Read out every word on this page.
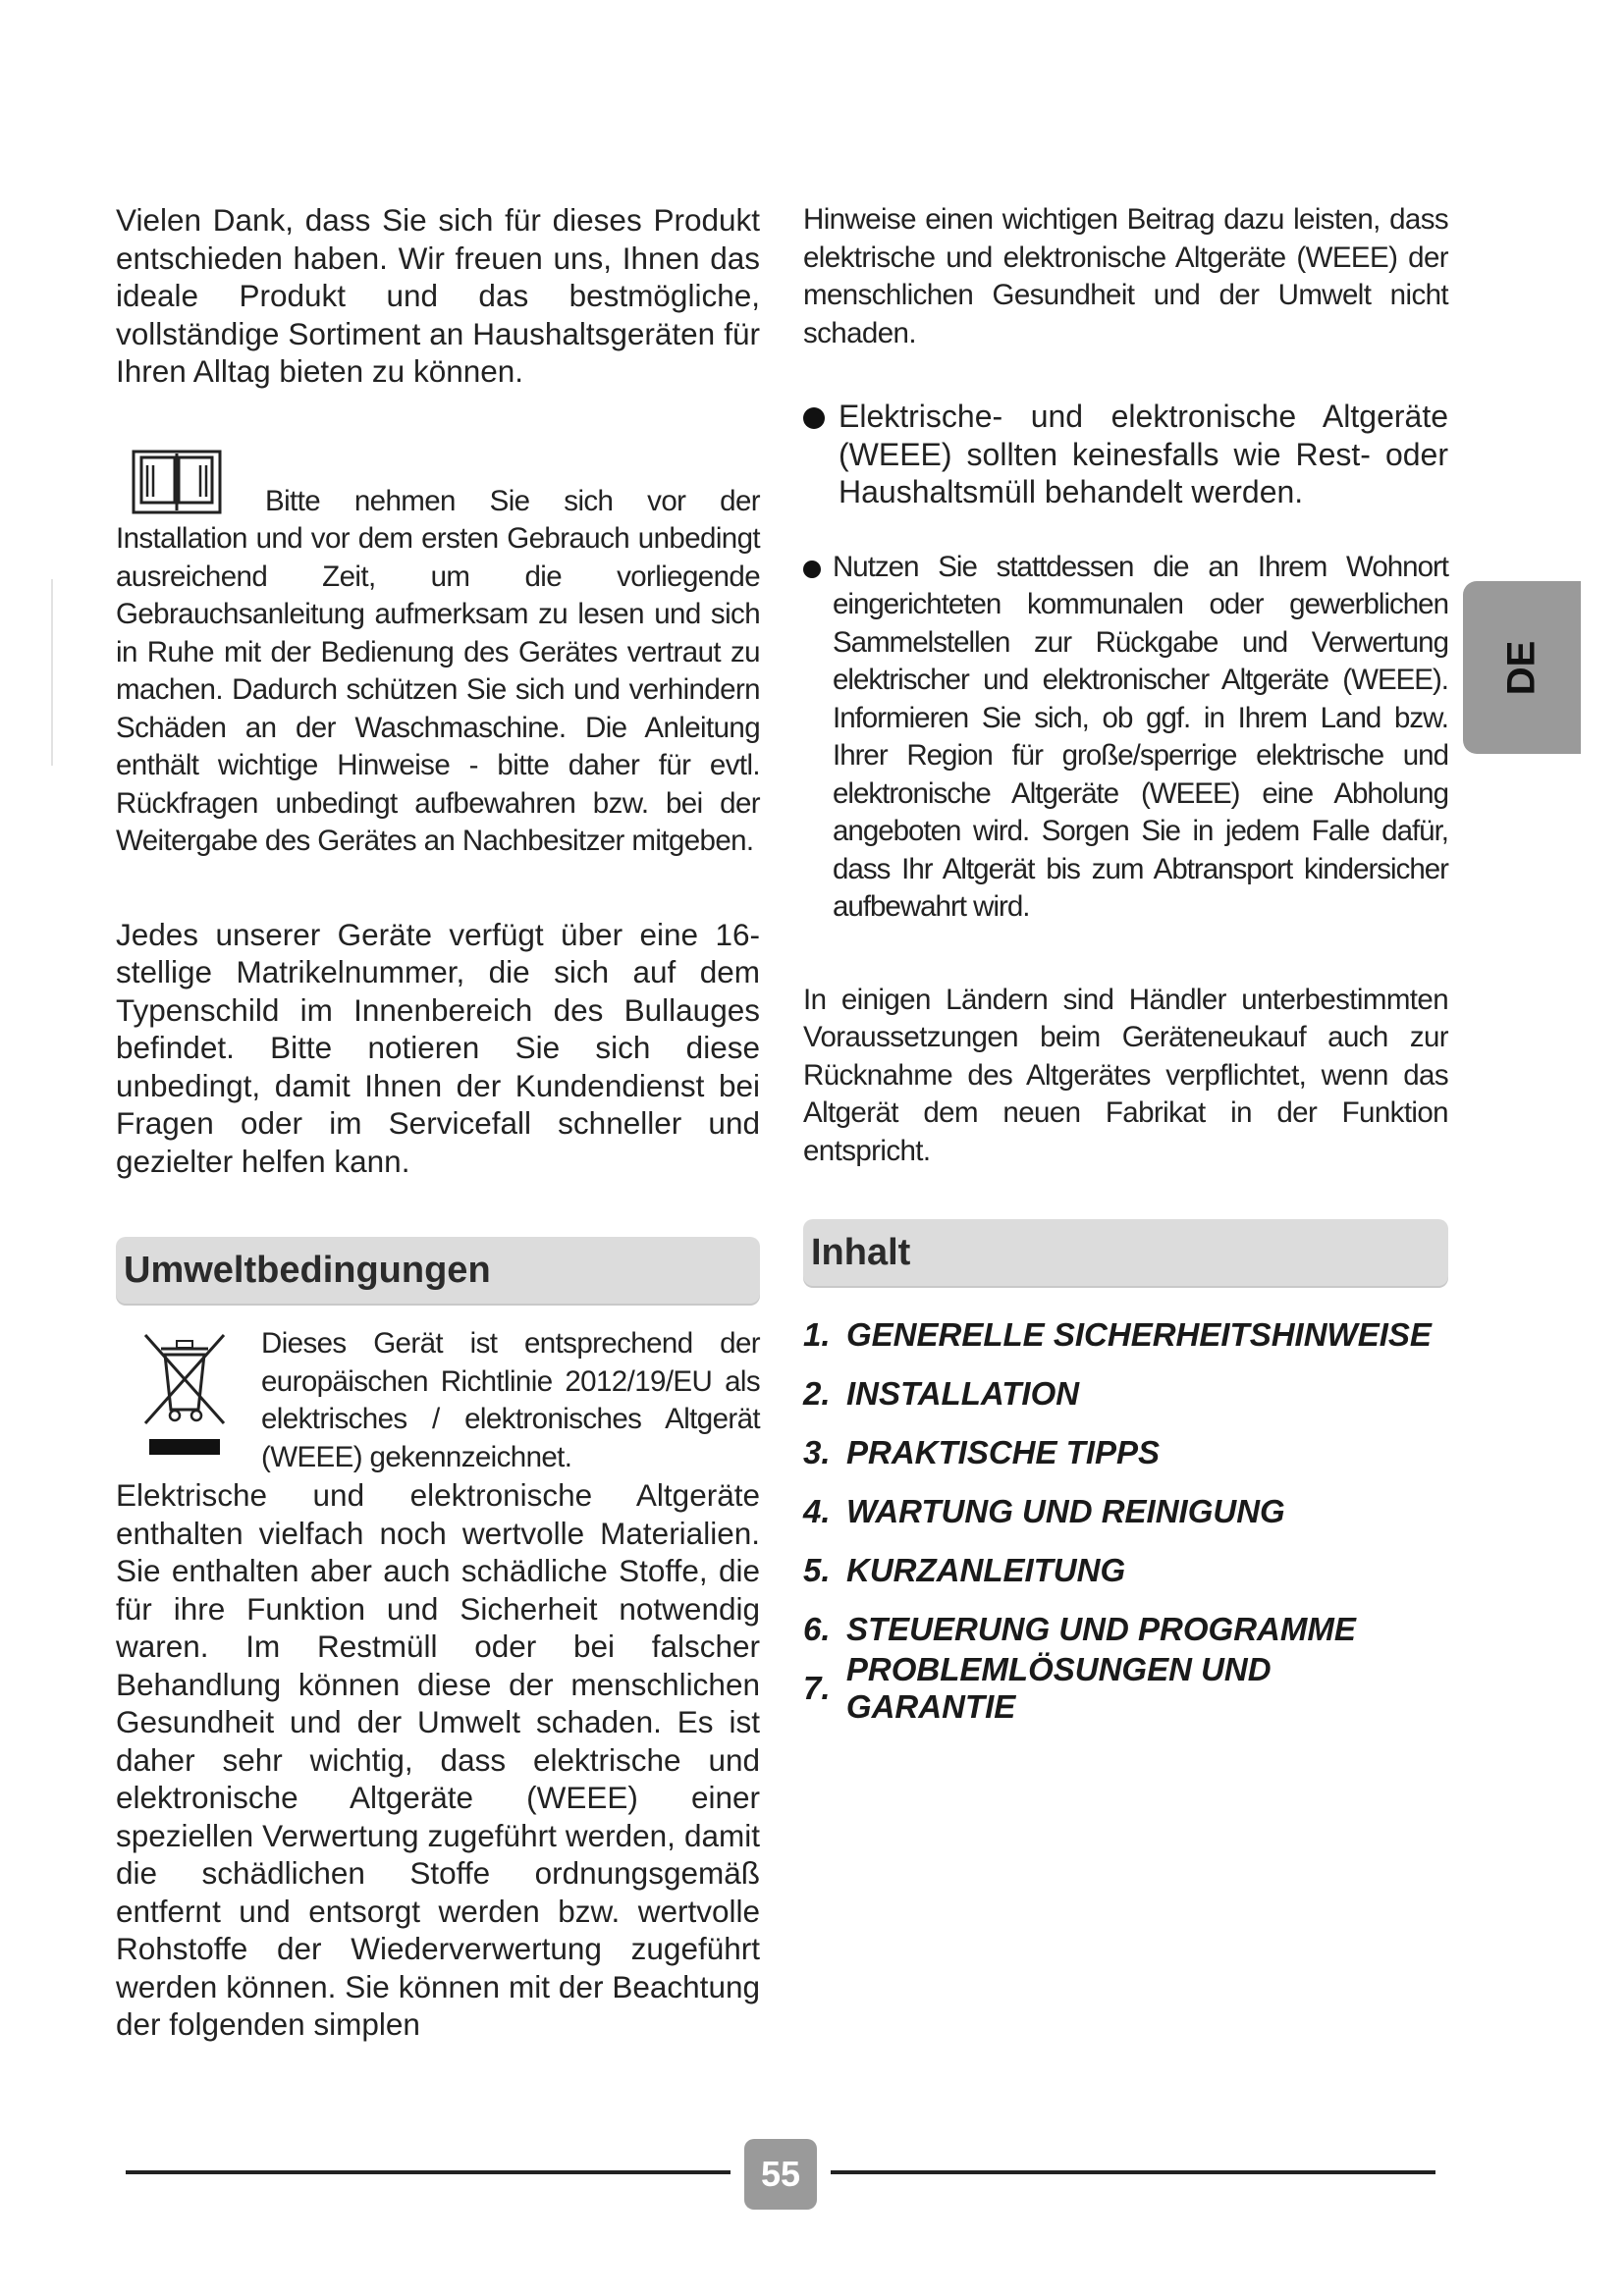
Vielen Dank, dass Sie sich für dieses Produkt entschieden haben. Wir freuen uns, Ihnen das ideale Produkt und das bestmögliche, vollständige Sortiment an Haushaltsgeräten für Ihren Alltag bieten zu können.

Bitte nehmen Sie sich vor der Installation und vor dem ersten Gebrauch unbedingt ausreichend Zeit, um die vorliegende Gebrauchsanleitung aufmerksam zu lesen und sich in Ruhe mit der Bedienung des Gerätes vertraut zu machen. Dadurch schützen Sie sich und verhindern Schäden an der Waschmaschine. Die Anleitung enthält wichtige Hinweise - bitte daher für evtl. Rückfragen unbedingt aufbewahren bzw. bei der Weitergabe des Gerätes an Nachbesitzer mitgeben.

Jedes unserer Geräte verfügt über eine 16-stellige Matrikelnummer, die sich auf dem Typenschild im Innenbereich des Bullauges befindet. Bitte notieren Sie sich diese unbedingt, damit Ihnen der Kundendienst bei Fragen oder im Servicefall schneller und gezielter helfen kann.

Umweltbedingungen

Dieses Gerät ist entsprechend der europäischen Richtlinie 2012/19/EU als elektrisches / elektronisches Altgerät (WEEE) gekennzeichnet.

Elektrische und elektronische Altgeräte enthalten vielfach noch wertvolle Materialien. Sie enthalten aber auch schädliche Stoffe, die für ihre Funktion und Sicherheit notwendig waren. Im Restmüll oder bei falscher Behandlung können diese der menschlichen Gesundheit und der Umwelt schaden. Es ist daher sehr wichtig, dass elektrische und elektronische Altgeräte (WEEE) einer speziellen Verwertung zugeführt werden, damit die schädlichen Stoffe ordnungsgemäß entfernt und entsorgt werden bzw. wertvolle Rohstoffe der Wiederverwertung zugeführt werden können. Sie können mit der Beachtung der folgenden simplen

Hinweise einen wichtigen Beitrag dazu leisten, dass elektrische und elektronische Altgeräte (WEEE) der menschlichen Gesundheit und der Umwelt nicht schaden.

Elektrische- und elektronische Altgeräte (WEEE) sollten keinesfalls wie Rest- oder Haushaltsmüll behandelt werden.

Nutzen Sie stattdessen die an Ihrem Wohnort eingerichteten kommunalen oder gewerblichen Sammelstellen zur Rückgabe und Verwertung elektrischer und elektronischer Altgeräte (WEEE). Informieren Sie sich, ob ggf. in Ihrem Land bzw. Ihrer Region für große/sperrige elektrische und elektronische Altgeräte (WEEE) eine Abholung angeboten wird. Sorgen Sie in jedem Falle dafür, dass Ihr Altgerät bis zum Abtransport kindersicher aufbewahrt wird.

In einigen Ländern sind Händler unterbestimmten Voraussetzungen beim Geräteneukauf auch zur Rücknahme des Altgerätes verpflichtet, wenn das Altgerät dem neuen Fabrikat in der Funktion entspricht.

Inhalt
1. GENERELLE SICHERHEITSHINWEISE
2. INSTALLATION
3. PRAKTISCHE TIPPS
4. WARTUNG UND REINIGUNG
5. KURZANLEITUNG
6. STEUERUNG UND PROGRAMME
7.
PROBLEMLÖSUNGEN UND GARANTIE
DE
55
